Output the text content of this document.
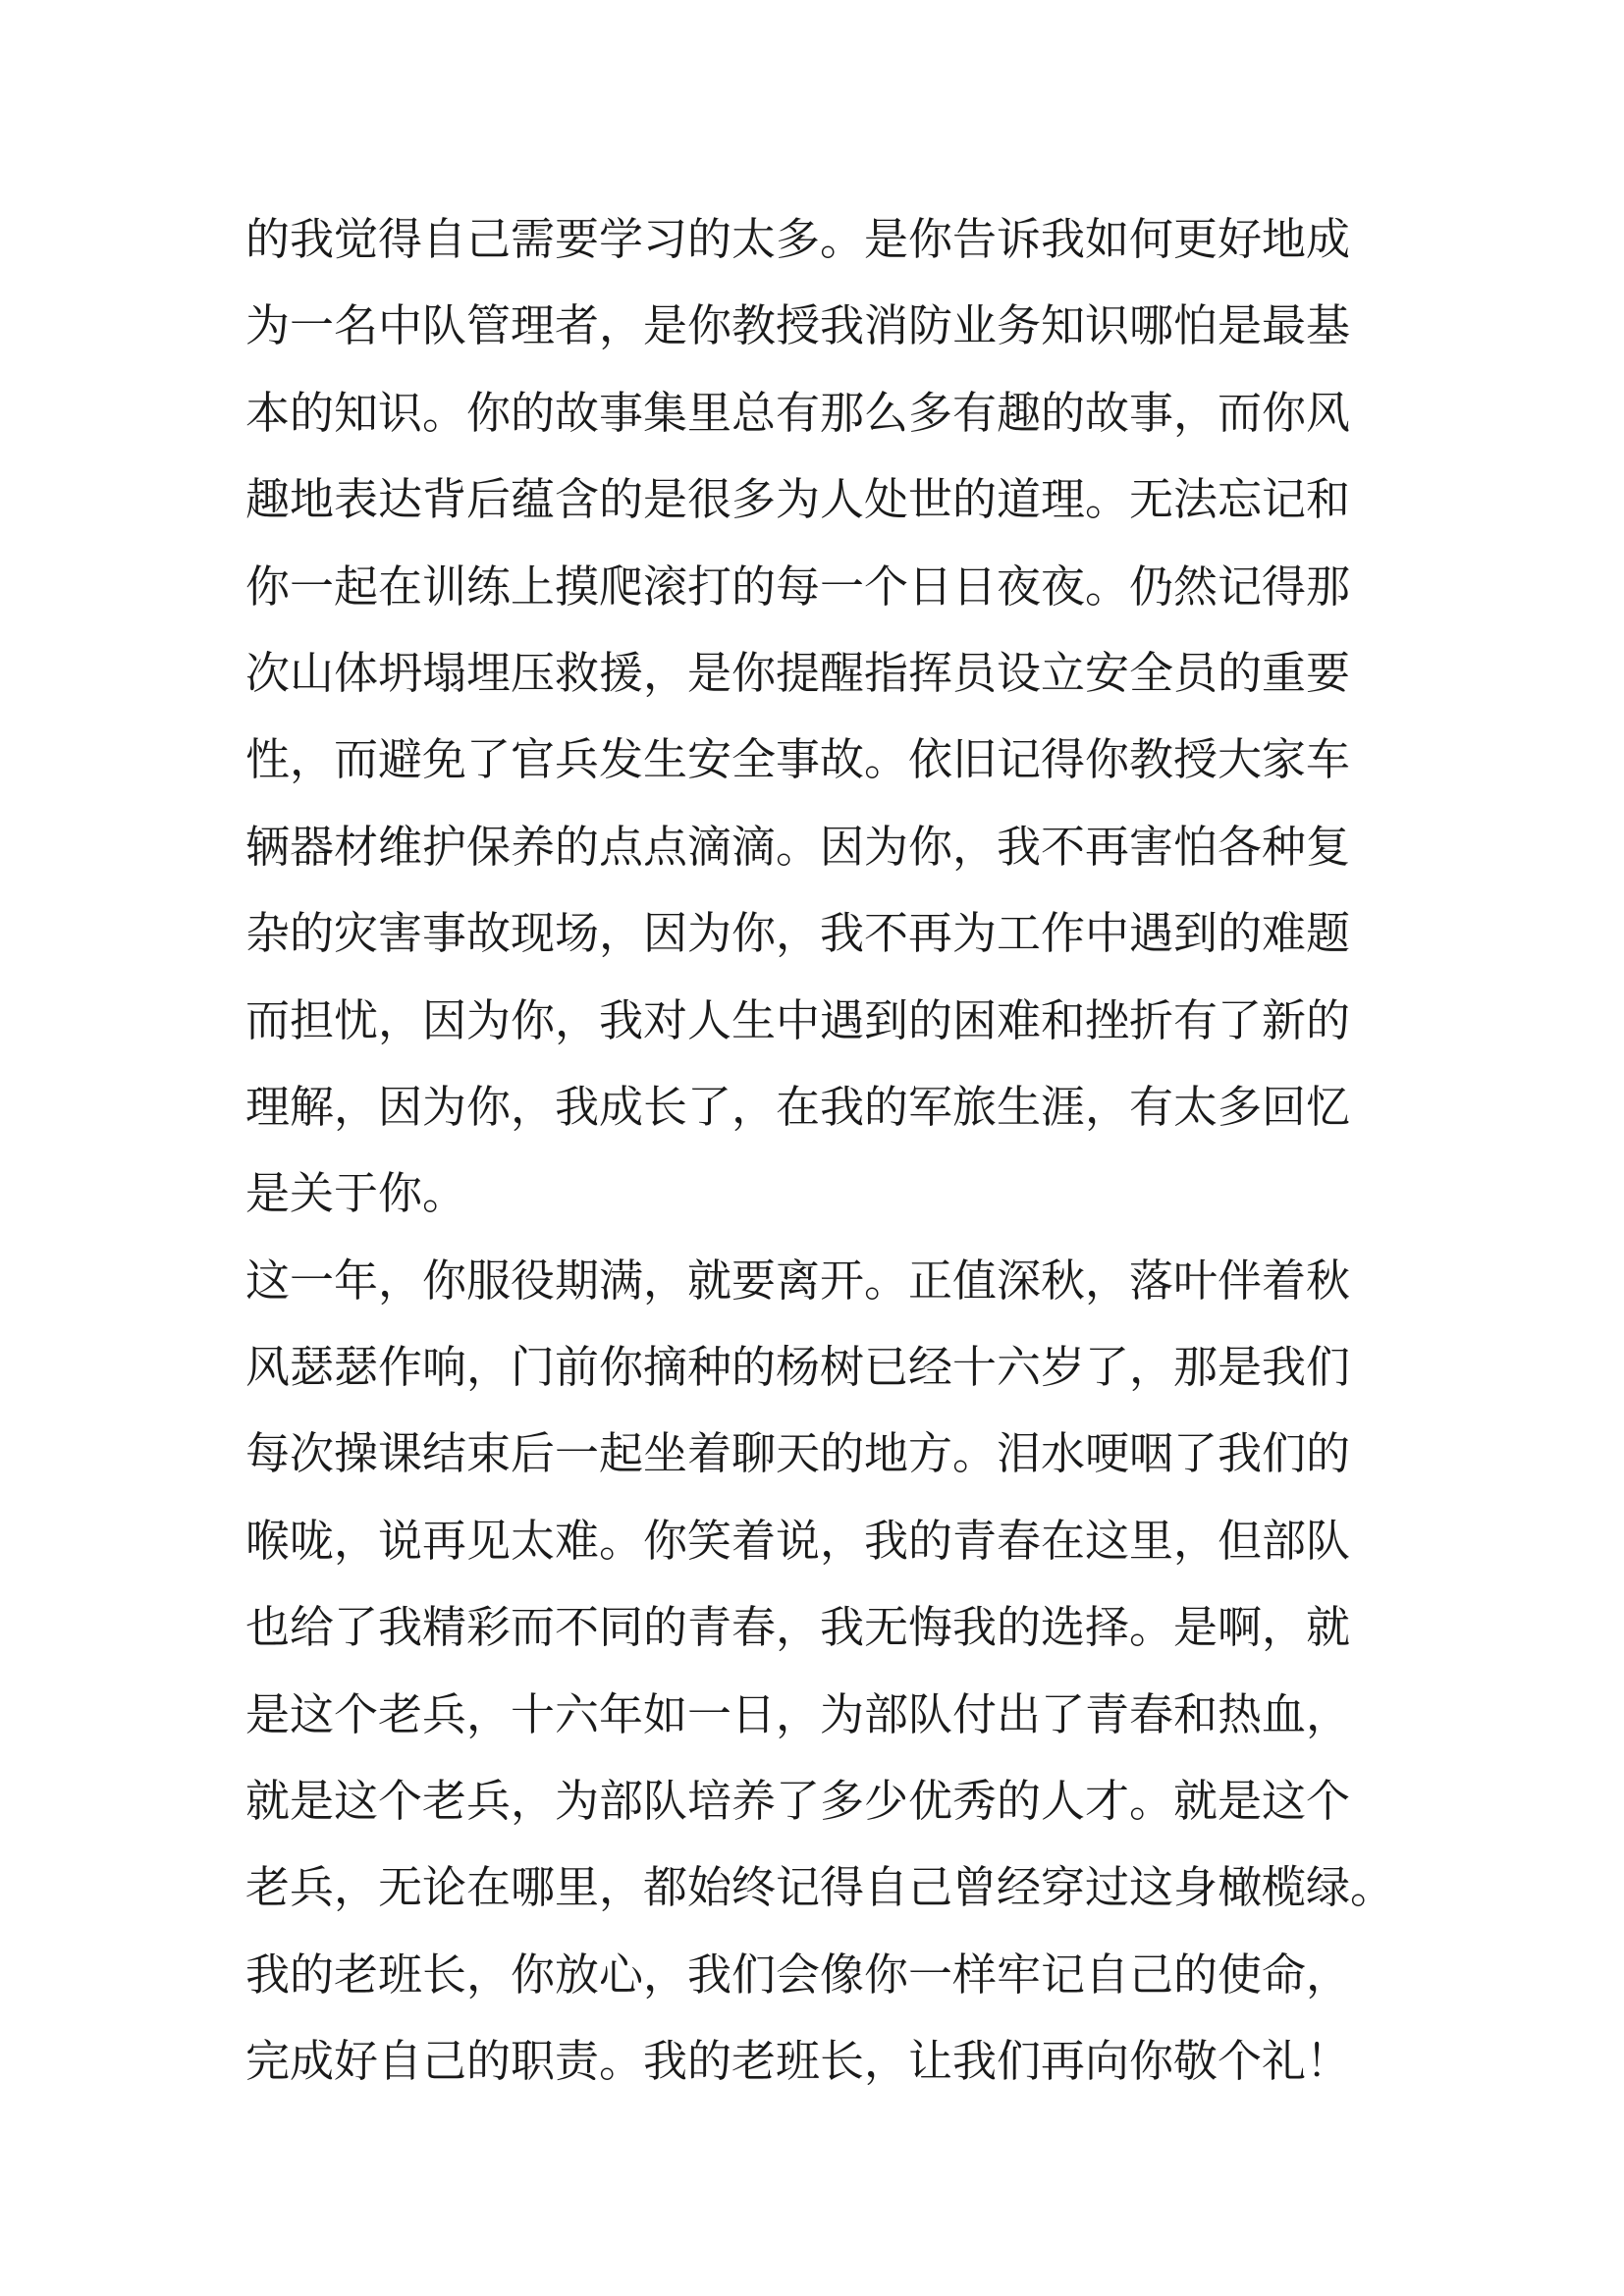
的我觉得自己需要学习的太多。是你告诉我如何更好地成
为一名中队管理者，是你教授我消防业务知识哪怕是最基
本的知识。你的故事集里总有那么多有趣的故事，而你风
趣地表达背后蕴含的是很多为人处世的道理。无法忘记和
你一起在训练上摸爬滚打的每一个日日夜夜。仍然记得那
次山体坍塌埋压救援，是你提醒指挥员设立安全员的重要
性，而避免了官兵发生安全事故。依旧记得你教授大家车
辆器材维护保养的点点滴滴。因为你，我不再害怕各种复
杂的灾害事故现场，因为你，我不再为工作中遇到的难题
而担忧，因为你，我对人生中遇到的困难和挫折有了新的
理解，因为你，我成长了，在我的军旅生涯，有太多回忆
是关于你。
这一年，你服役期满，就要离开。正值深秋，落叶伴着秋
风瑟瑟作响，门前你摘种的杨树已经十六岁了，那是我们
每次操课结束后一起坐着聊天的地方。泪水哽咽了我们的
喉咙，说再见太难。你笑着说，我的青春在这里，但部队
也给了我精彩而不同的青春，我无悔我的选择。是啊，就
是这个老兵，十六年如一日，为部队付出了青春和热血，
就是这个老兵，为部队培养了多少优秀的人才。就是这个
老兵，无论在哪里，都始终记得自己曾经穿过这身橄榄绿。
我的老班长，你放心，我们会像你一样牢记自己的使命，
完成好自己的职责。我的老班长，让我们再向你敬个礼！
